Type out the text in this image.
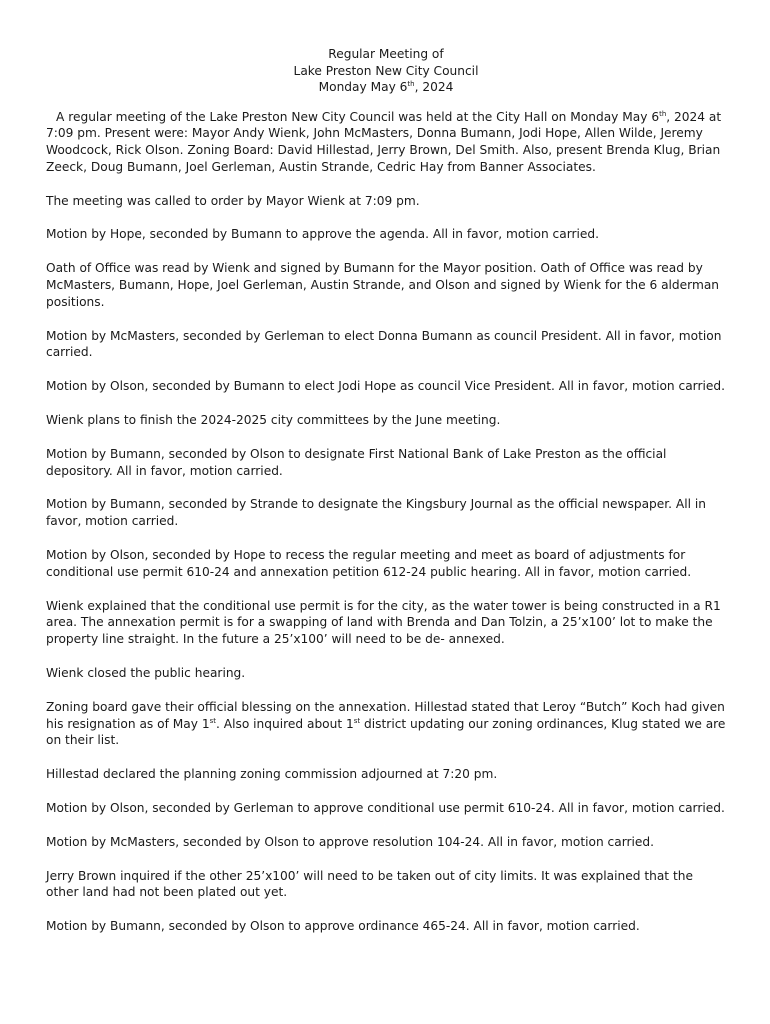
Regular Meeting of
Lake Preston New City Council
Monday May 6th, 2024

A regular meeting of the Lake Preston New City Council was held at the City Hall on Monday May 6th, 2024 at 7:09 pm. Present were: Mayor Andy Wienk, John McMasters, Donna Bumann, Jodi Hope, Allen Wilde, Jeremy Woodcock, Rick Olson. Zoning Board: David Hillestad, Jerry Brown, Del Smith. Also, present Brenda Klug, Brian Zeeck, Doug Bumann, Joel Gerleman, Austin Strande, Cedric Hay from Banner Associates.

The meeting was called to order by Mayor Wienk at 7:09 pm.

Motion by Hope, seconded by Bumann to approve the agenda. All in favor, motion carried.

Oath of Office was read by Wienk and signed by Bumann for the Mayor position. Oath of Office was read by McMasters, Bumann, Hope, Joel Gerleman, Austin Strande, and Olson and signed by Wienk for the 6 alderman positions.

Motion by McMasters, seconded by Gerleman to elect Donna Bumann as council President. All in favor, motion carried.

Motion by Olson, seconded by Bumann to elect Jodi Hope as council Vice President. All in favor, motion carried.

Wienk plans to finish the 2024-2025 city committees by the June meeting.

Motion by Bumann, seconded by Olson to designate First National Bank of Lake Preston as the official depository. All in favor, motion carried.

Motion by Bumann, seconded by Strande to designate the Kingsbury Journal as the official newspaper. All in favor, motion carried.

Motion by Olson, seconded by Hope to recess the regular meeting and meet as board of adjustments for conditional use permit 610-24 and annexation petition 612-24 public hearing. All in favor, motion carried.

Wienk explained that the conditional use permit is for the city, as the water tower is being constructed in a R1 area. The annexation permit is for a swapping of land with Brenda and Dan Tolzin, a 25’x100’ lot to make the property line straight. In the future a 25’x100’ will need to be de- annexed.

Wienk closed the public hearing.

Zoning board gave their official blessing on the annexation. Hillestad stated that Leroy “Butch” Koch had given his resignation as of May 1st. Also inquired about 1st district updating our zoning ordinances, Klug stated we are on their list.

Hillestad declared the planning zoning commission adjourned at 7:20 pm.

Motion by Olson, seconded by Gerleman to approve conditional use permit 610-24. All in favor, motion carried.

Motion by McMasters, seconded by Olson to approve resolution 104-24. All in favor, motion carried.

Jerry Brown inquired if the other 25’x100’ will need to be taken out of city limits. It was explained that the other land had not been plated out yet.

Motion by Bumann, seconded by Olson to approve ordinance 465-24. All in favor, motion carried.
